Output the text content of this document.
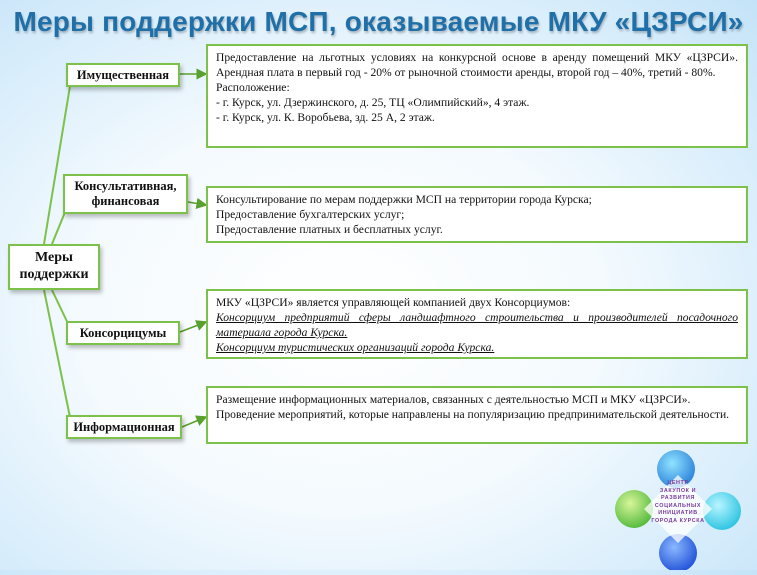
Меры поддержки МСП, оказываемые МКУ «ЦЗРСИ»
Меры поддержки
Имущественная
Консультативная, финансовая
Консорцицумы
Информационная

Предоставление на льготных условиях на конкурсной основе в аренду помещений МКУ «ЦЗРСИ». Арендная плата в первый год - 20% от рыночной стоимости аренды, второй год – 40%, третий - 80%.

Расположение:

- г. Курск, ул. Дзержинского, д. 25, ТЦ «Олимпийский», 4 этаж.

- г. Курск, ул. К. Воробьева, зд. 25 А, 2 этаж.

Консультирование по мерам поддержки МСП на территории города Курска;

Предоставление бухгалтерских услуг;

Предоставление платных и бесплатных услуг.

МКУ «ЦЗРСИ» является управляющей компанией двух Консорциумов:

Консорциум предприятий сферы ландшафтного строительства и производителей посадочного материала города Курска.

Консорциум туристических организаций города Курска.

Размещение информационных материалов, связанных с деятельностью МСП и МКУ «ЦЗРСИ».

Проведение мероприятий, которые направлены на популяризацию предпринимательской деятельности.

ЦЕНТР
ЗАКУПОК И
РАЗВИТИЯ
СОЦИАЛЬНЫХ
ИНИЦИАТИВ
ГОРОДА КУРСКА
